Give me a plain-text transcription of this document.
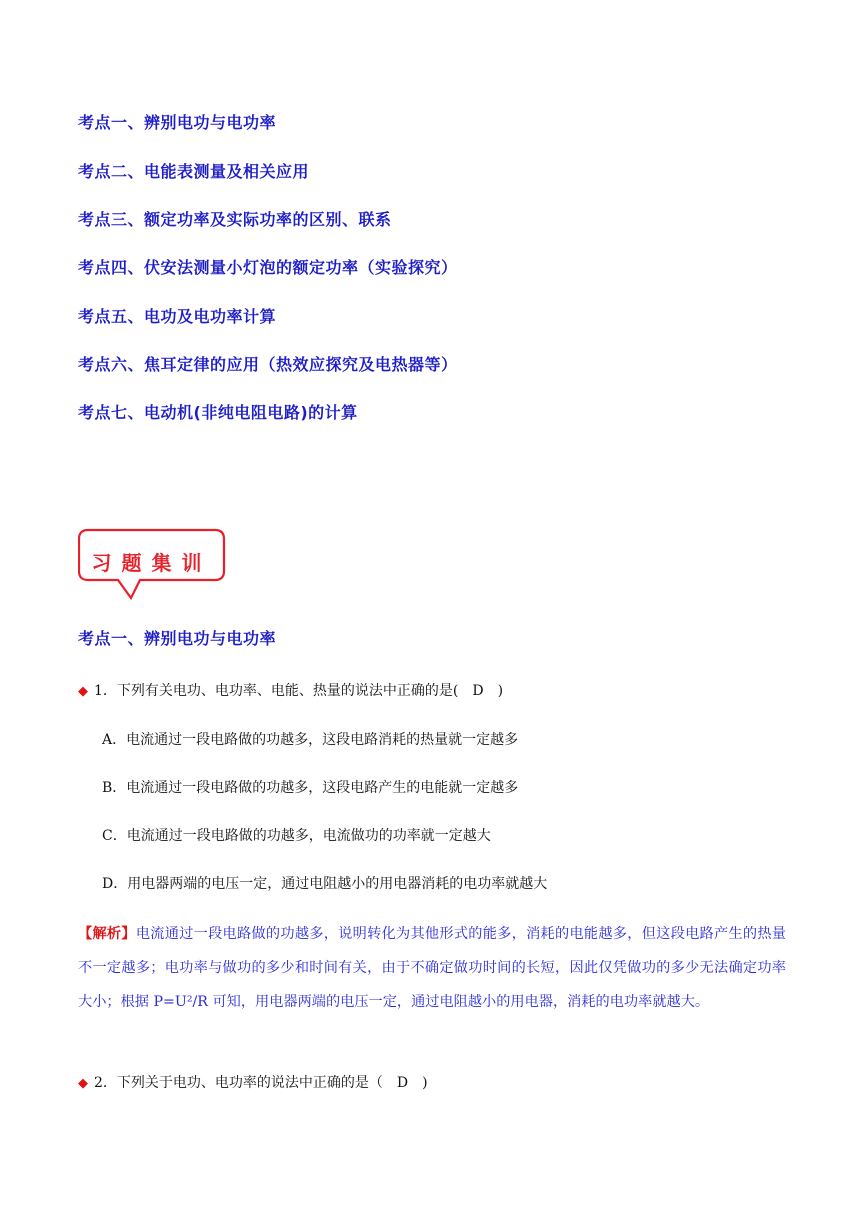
考点一、辨别电功与电功率
考点二、电能表测量及相关应用
考点三、额定功率及实际功率的区别、联系
考点四、伏安法测量小灯泡的额定功率（实验探究）
考点五、电功及电功率计算
考点六、焦耳定律的应用（热效应探究及电热器等）
考点七、电动机(非纯电阻电路)的计算
习题集训
考点一、辨别电功与电功率
◆ 1．下列有关电功、电功率、电能、热量的说法中正确的是(　D　)
A．电流通过一段电路做的功越多，这段电路消耗的热量就一定越多
B．电流通过一段电路做的功越多，这段电路产生的电能就一定越多
C．电流通过一段电路做的功越多，电流做功的功率就一定越大
D．用电器两端的电压一定，通过电阻越小的用电器消耗的电功率就越大
【解析】电流通过一段电路做的功越多，说明转化为其他形式的能多，消耗的电能越多，但这段电路产生的热量不一定越多；电功率与做功的多少和时间有关，由于不确定做功时间的长短，因此仅凭做功的多少无法确定功率大小；根据 P=U²/R 可知，用电器两端的电压一定，通过电阻越小的用电器，消耗的电功率就越大。
◆ 2．下列关于电功、电功率的说法中正确的是（　D　)
